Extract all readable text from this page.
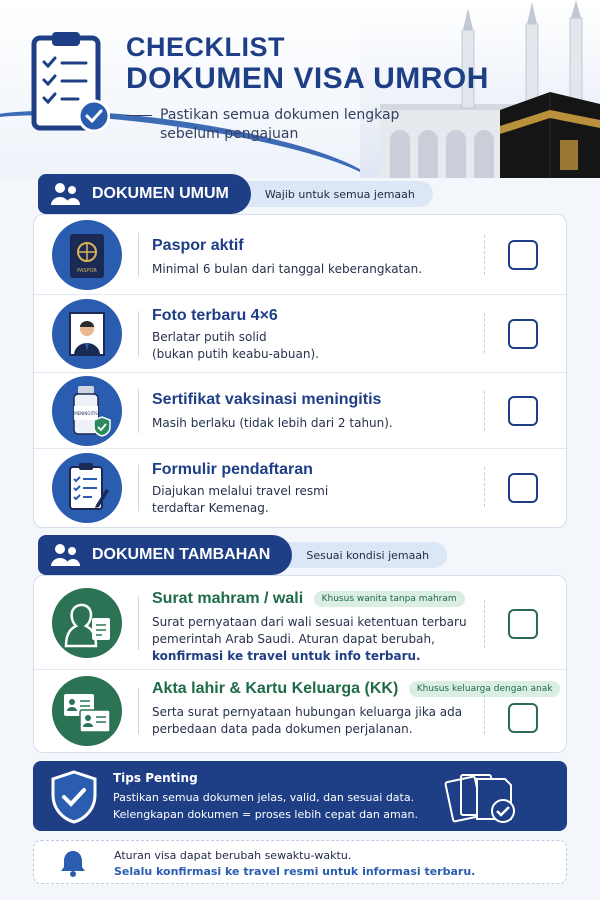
CHECKLIST
DOKUMEN VISA UMROH
Pastikan semua dokumen lengkap sebelum pengajuan
DOKUMEN UMUM	Wajib untuk semua jemaah
PASPOR
Paspor aktif
Minimal 6 bulan dari tanggal keberangkatan.
Foto terbaru 4×6
Berlatar putih solid
(bukan putih keabu-abuan).
MENINGITIS
Sertifikat vaksinasi meningitis
Masih berlaku (tidak lebih dari 2 tahun).
Formulir pendaftaran
Diajukan melalui travel resmi
terdaftar Kemenag.
DOKUMEN TAMBAHAN	Sesuai kondisi jemaah
Surat mahram / wali Khusus wanita tanpa mahram
Surat pernyataan dari wali sesuai ketentuan terbaru
pemerintah Arab Saudi. Aturan dapat berubah,
konfirmasi ke travel untuk info terbaru.
Akta lahir & Kartu Keluarga (KK) Khusus keluarga dengan anak
Serta surat pernyataan hubungan keluarga jika ada
perbedaan data pada dokumen perjalanan.
Tips Penting
Pastikan semua dokumen jelas, valid, dan sesuai data.
Kelengkapan dokumen = proses lebih cepat dan aman.
Aturan visa dapat berubah sewaktu-waktu.
Selalu konfirmasi ke travel resmi untuk informasi terbaru.
